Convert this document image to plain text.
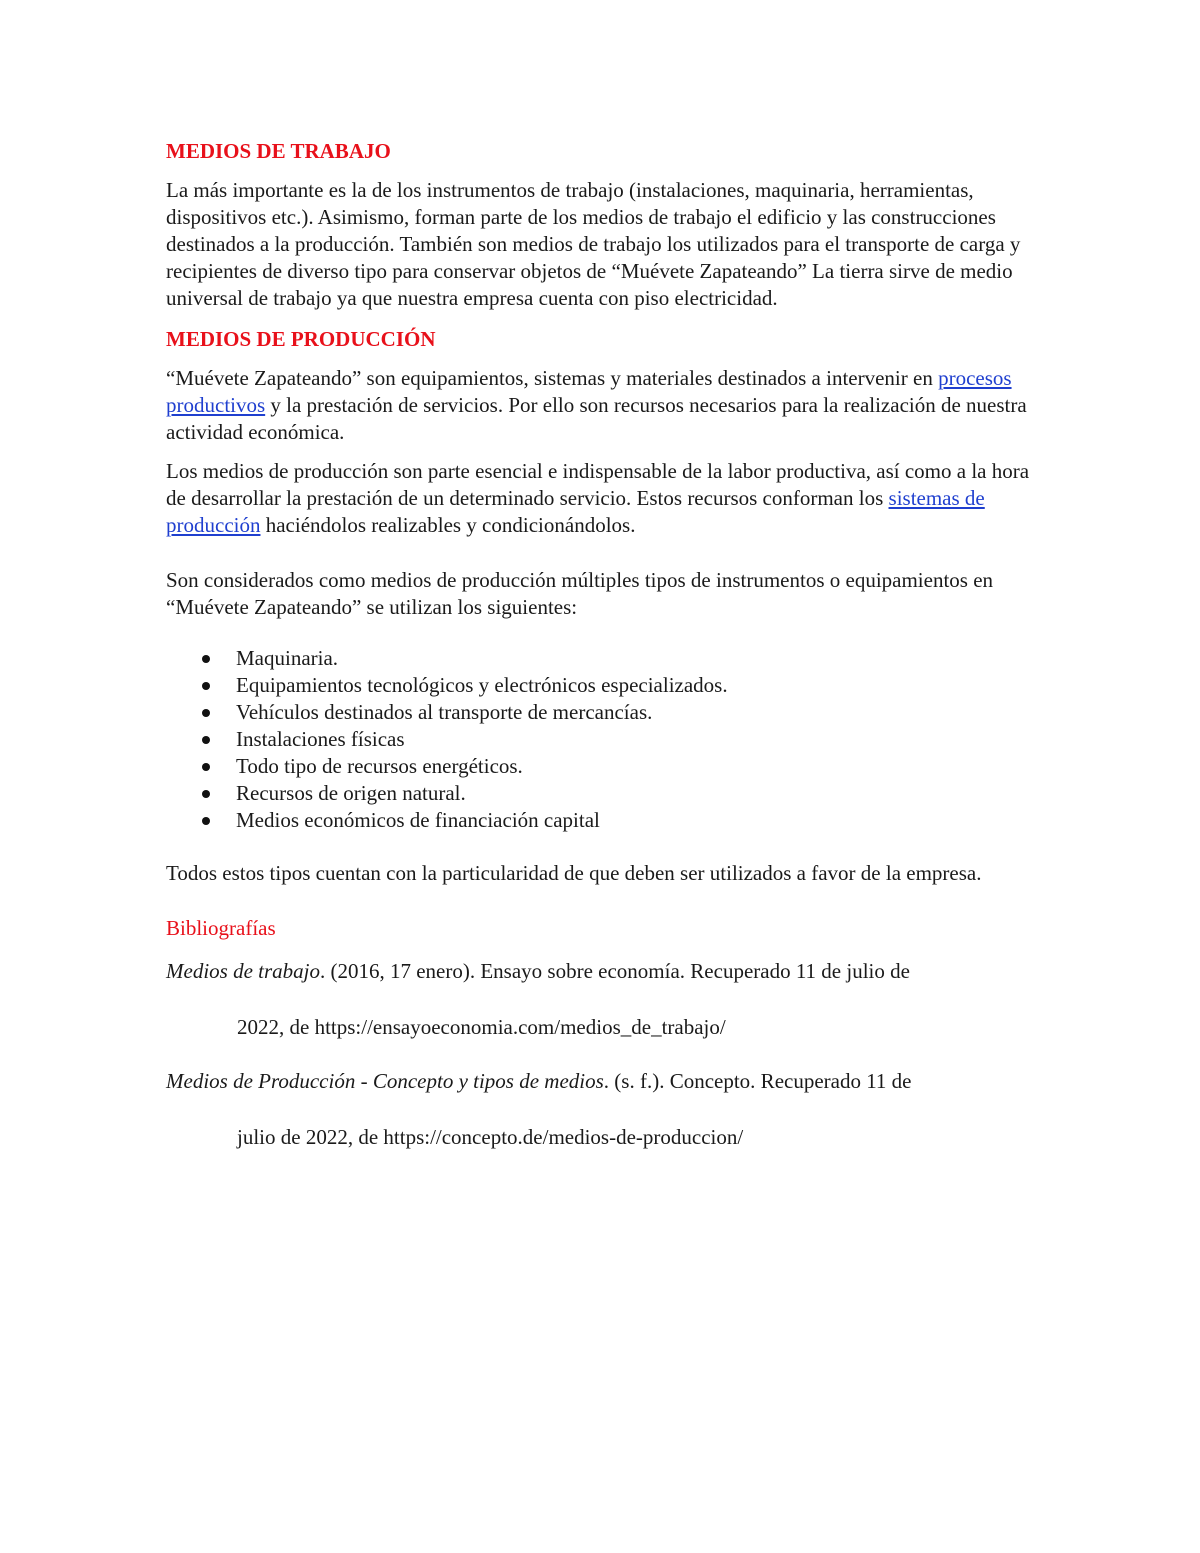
MEDIOS DE TRABAJO

La más importante es la de los instrumentos de trabajo (instalaciones, maquinaria, herramientas, dispositivos etc.). Asimismo, forman parte de los medios de trabajo el edificio y las construcciones destinados a la producción. También son medios de trabajo los utilizados para el transporte de carga y recipientes de diverso tipo para conservar objetos de “Muévete Zapateando” La tierra sirve de medio universal de trabajo ya que nuestra empresa cuenta con piso electricidad.

MEDIOS DE PRODUCCIÓN

“Muévete Zapateando” son equipamientos, sistemas y materiales destinados a intervenir en procesos productivos y la prestación de servicios. Por ello son recursos necesarios para la realización de nuestra actividad económica.

Los medios de producción son parte esencial e indispensable de la labor productiva, así como a la hora de desarrollar la prestación de un determinado servicio. Estos recursos conforman los sistemas de producción haciéndolos realizables y condicionándolos.

Son considerados como medios de producción múltiples tipos de instrumentos o equipamientos en “Muévete Zapateando” se utilizan los siguientes:

Maquinaria.
Equipamientos tecnológicos y electrónicos especializados.
Vehículos destinados al transporte de mercancías.
Instalaciones físicas
Todo tipo de recursos energéticos.
Recursos de origen natural.
Medios económicos de financiación capital

Todos estos tipos cuentan con la particularidad de que deben ser utilizados a favor de la empresa.

Bibliografías

Medios de trabajo. (2016, 17 enero). Ensayo sobre economía. Recuperado 11 de julio de
2022, de https://ensayoeconomia.com/medios_de_trabajo/

Medios de Producción - Concepto y tipos de medios. (s. f.). Concepto. Recuperado 11 de
julio de 2022, de https://concepto.de/medios-de-produccion/
